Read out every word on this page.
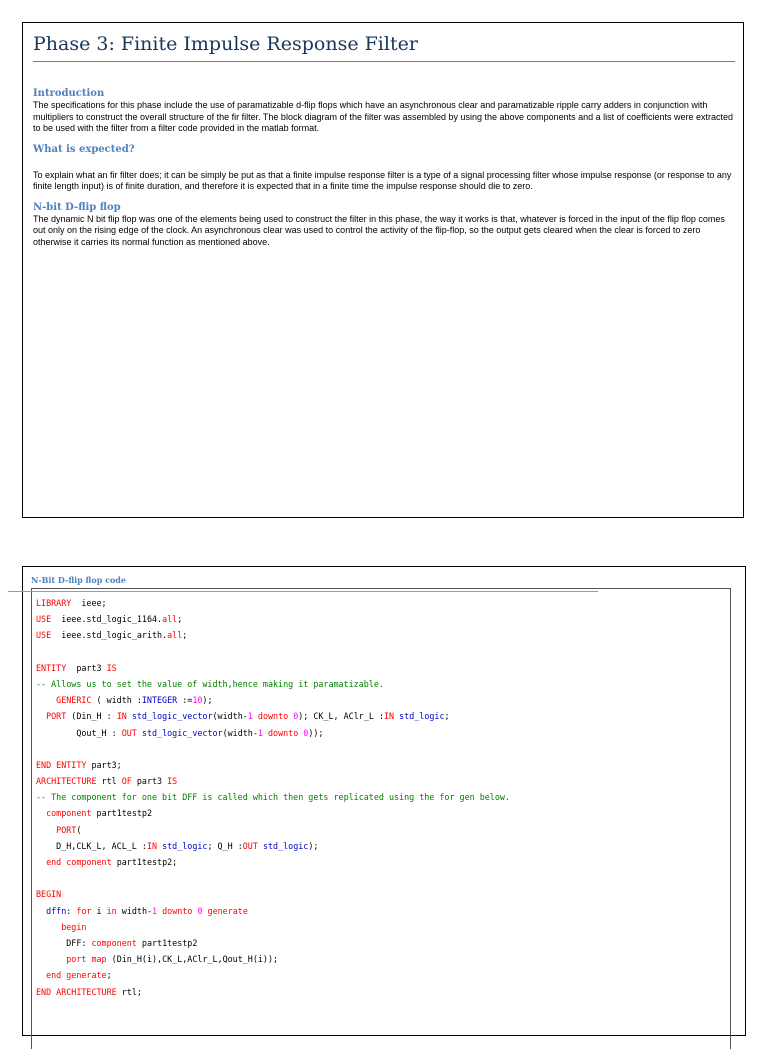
Phase 3: Finite Impulse Response Filter

Introduction

The specifications for this phase include the use of paramatizable d-flip flops which have an asynchronous clear and paramatizable ripple carry adders in conjunction with multipliers to construct the overall structure of the fir filter. The block diagram of the filter was assembled by using the above components and a list of coefficients were extracted to be used with the filter from a filter code provided in the matlab format.

What is expected?

To explain what an fir filter does; it can be simply be put as that a finite impulse response filter is a type of a signal processing filter whose impulse response (or response to any finite length input) is of finite duration, and therefore it is expected that in a finite time the impulse response should die to zero.

N-bit D-flip flop

The dynamic N bit flip flop was one of the elements being used to construct the filter in this phase, the way it works is that, whatever is forced in the input of the flip flop comes out only on the rising edge of the clock. An asynchronous clear was used to control the activity of the flip-flop, so the output gets cleared when the clear is forced to zero otherwise it carries its normal function as mentioned above.

N-Bit D-flip flop code
LIBRARY  ieee;
USE  ieee.std_logic_1164.all;
USE  ieee.std_logic_arith.all;

ENTITY  part3 IS
-- Allows us to set the value of width,hence making it paramatizable.
GENERIC ( width :INTEGER :=10);
PORT (Din_H : IN std_logic_vector(width-1 downto 0); CK_L, AClr_L :IN std_logic;
Qout_H : OUT std_logic_vector(width-1 downto 0));

END ENTITY part3;
ARCHITECTURE rtl OF part3 IS
-- The component for one bit DFF is called which then gets replicated using the for gen below.
component part1testp2
PORT(
D_H,CLK_L, ACL_L :IN std_logic; Q_H :OUT std_logic);
end component part1testp2;

BEGIN
dffn: for i in width-1 downto 0 generate
begin
DFF: component part1testp2
port map (Din_H(i),CK_L,AClr_L,Qout_H(i));
end generate;
END ARCHITECTURE rtl;
